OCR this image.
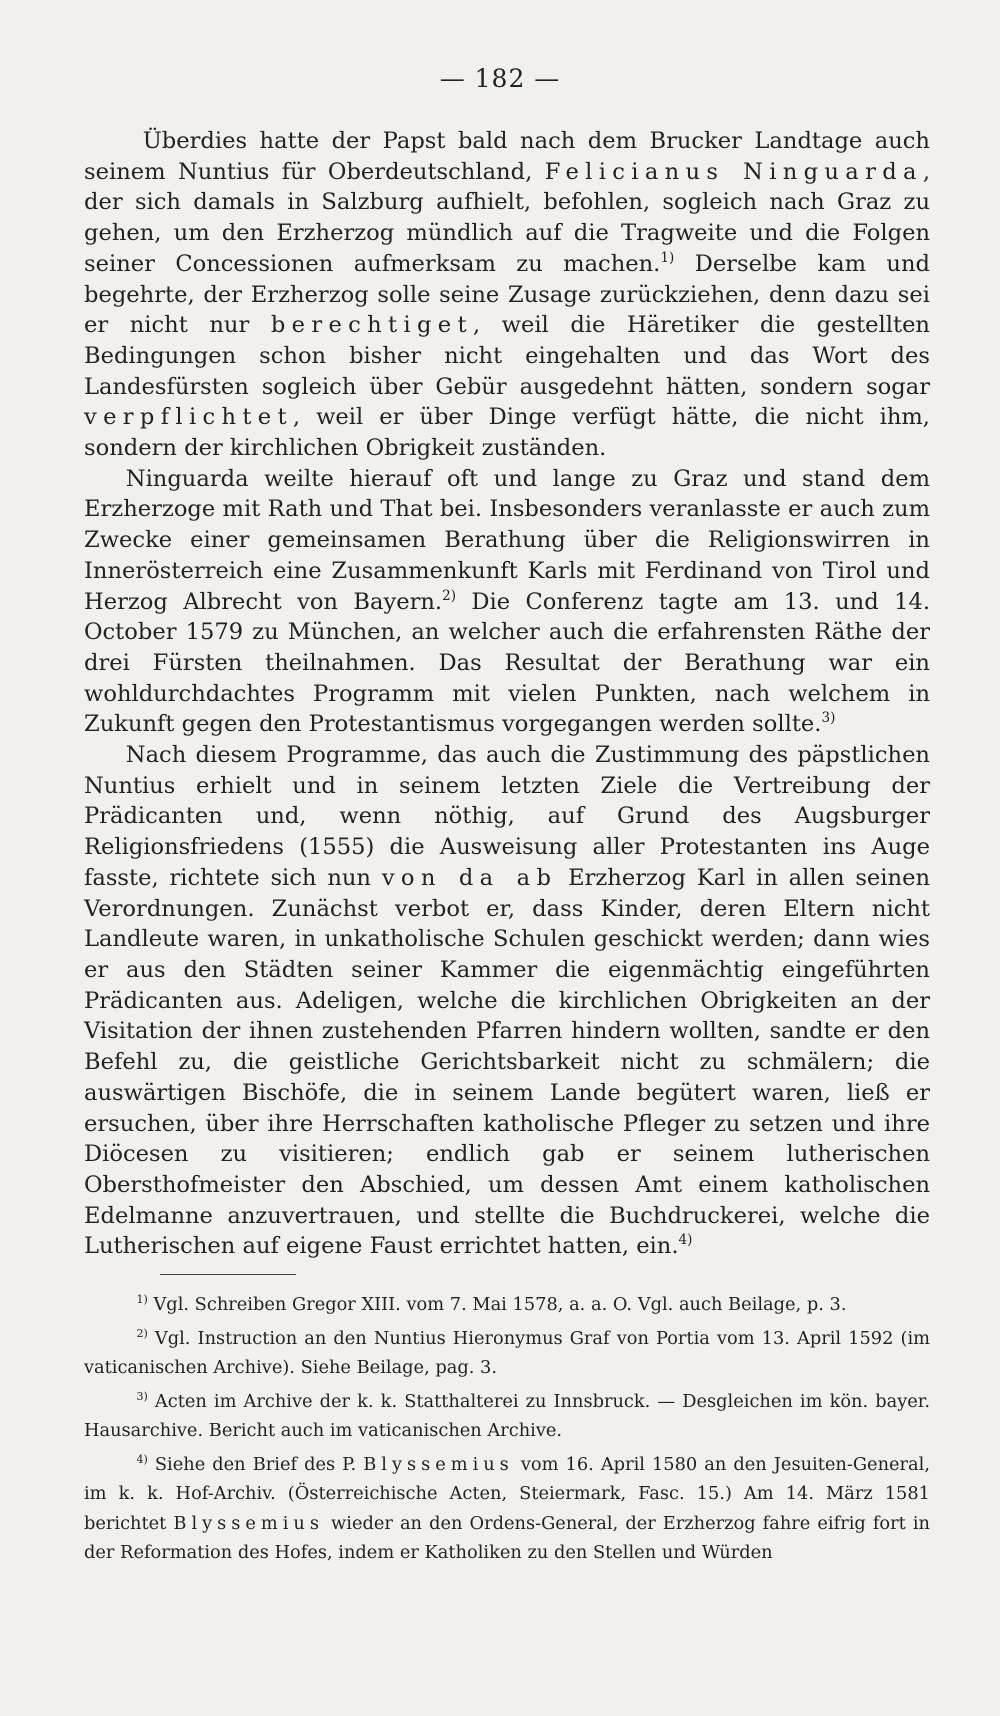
— 182 —

Überdies hatte der Papst bald nach dem Brucker Landtage auch seinem Nuntius für Oberdeutschland, Felicianus Ninguarda, der sich damals in Salzburg aufhielt, befohlen, sogleich nach Graz zu gehen, um den Erzherzog mündlich auf die Tragweite und die Folgen seiner Concessionen aufmerksam zu machen.$^{1)}$ Derselbe kam und begehrte, der Erzherzog solle seine Zusage zurückziehen, denn dazu sei er nicht nur berechtiget, weil die Häretiker die gestellten Bedingungen schon bisher nicht eingehalten und das Wort des Landesfürsten sogleich über Gebür ausgedehnt hätten, sondern sogar verpflichtet, weil er über Dinge verfügt hätte, die nicht ihm, sondern der kirchlichen Obrigkeit zuständen.

Ninguarda weilte hierauf oft und lange zu Graz und stand dem Erzherzoge mit Rath und That bei. Insbesonders veranlasste er auch zum Zwecke einer gemeinsamen Berathung über die Religionswirren in Innerösterreich eine Zusammenkunft Karls mit Ferdinand von Tirol und Herzog Albrecht von Bayern.$^{2)}$ Die Conferenz tagte am 13. und 14. October 1579 zu München, an welcher auch die erfahrensten Räthe der drei Fürsten theilnahmen. Das Resultat der Berathung war ein wohldurchdachtes Programm mit vielen Punkten, nach welchem in Zukunft gegen den Protestantismus vorgegangen werden sollte.$^{3)}$

Nach diesem Programme, das auch die Zustimmung des päpstlichen Nuntius erhielt und in seinem letzten Ziele die Vertreibung der Prädicanten und, wenn nöthig, auf Grund des Augsburger Religionsfriedens (1555) die Ausweisung aller Protestanten ins Auge fasste, richtete sich nun von da ab Erzherzog Karl in allen seinen Verordnungen. Zunächst verbot er, dass Kinder, deren Eltern nicht Landleute waren, in unkatholische Schulen geschickt werden; dann wies er aus den Städten seiner Kammer die eigenmächtig eingeführten Prädicanten aus. Adeligen, welche die kirchlichen Obrigkeiten an der Visitation der ihnen zustehenden Pfarren hindern wollten, sandte er den Befehl zu, die geistliche Gerichtsbarkeit nicht zu schmälern; die auswärtigen Bischöfe, die in seinem Lande begütert waren, ließ er ersuchen, über ihre Herrschaften katholische Pfleger zu setzen und ihre Diöcesen zu visitieren; endlich gab er seinem lutherischen Obersthofmeister den Abschied, um dessen Amt einem katholischen Edelmanne anzuvertrauen, und stellte die Buchdruckerei, welche die Lutherischen auf eigene Faust errichtet hatten, ein.$^{4)}$

$^{1)}$ Vgl. Schreiben Gregor XIII. vom 7. Mai 1578, a. a. O. Vgl. auch Beilage, p. 3.

$^{2)}$ Vgl. Instruction an den Nuntius Hieronymus Graf von Portia vom 13. April 1592 (im vaticanischen Archive). Siehe Beilage, pag. 3.

$^{3)}$ Acten im Archive der k. k. Statthalterei zu Innsbruck. — Desgleichen im kön. bayer. Hausarchive. Bericht auch im vaticanischen Archive.

$^{4)}$ Siehe den Brief des P. Blyssemius vom 16. April 1580 an den Jesuiten-General, im k. k. Hof-Archiv. (Österreichische Acten, Steiermark, Fasc. 15.) Am 14. März 1581 berichtet Blyssemius wieder an den Ordens-General, der Erzherzog fahre eifrig fort in der Reformation des Hofes, indem er Katholiken zu den Stellen und Würden
